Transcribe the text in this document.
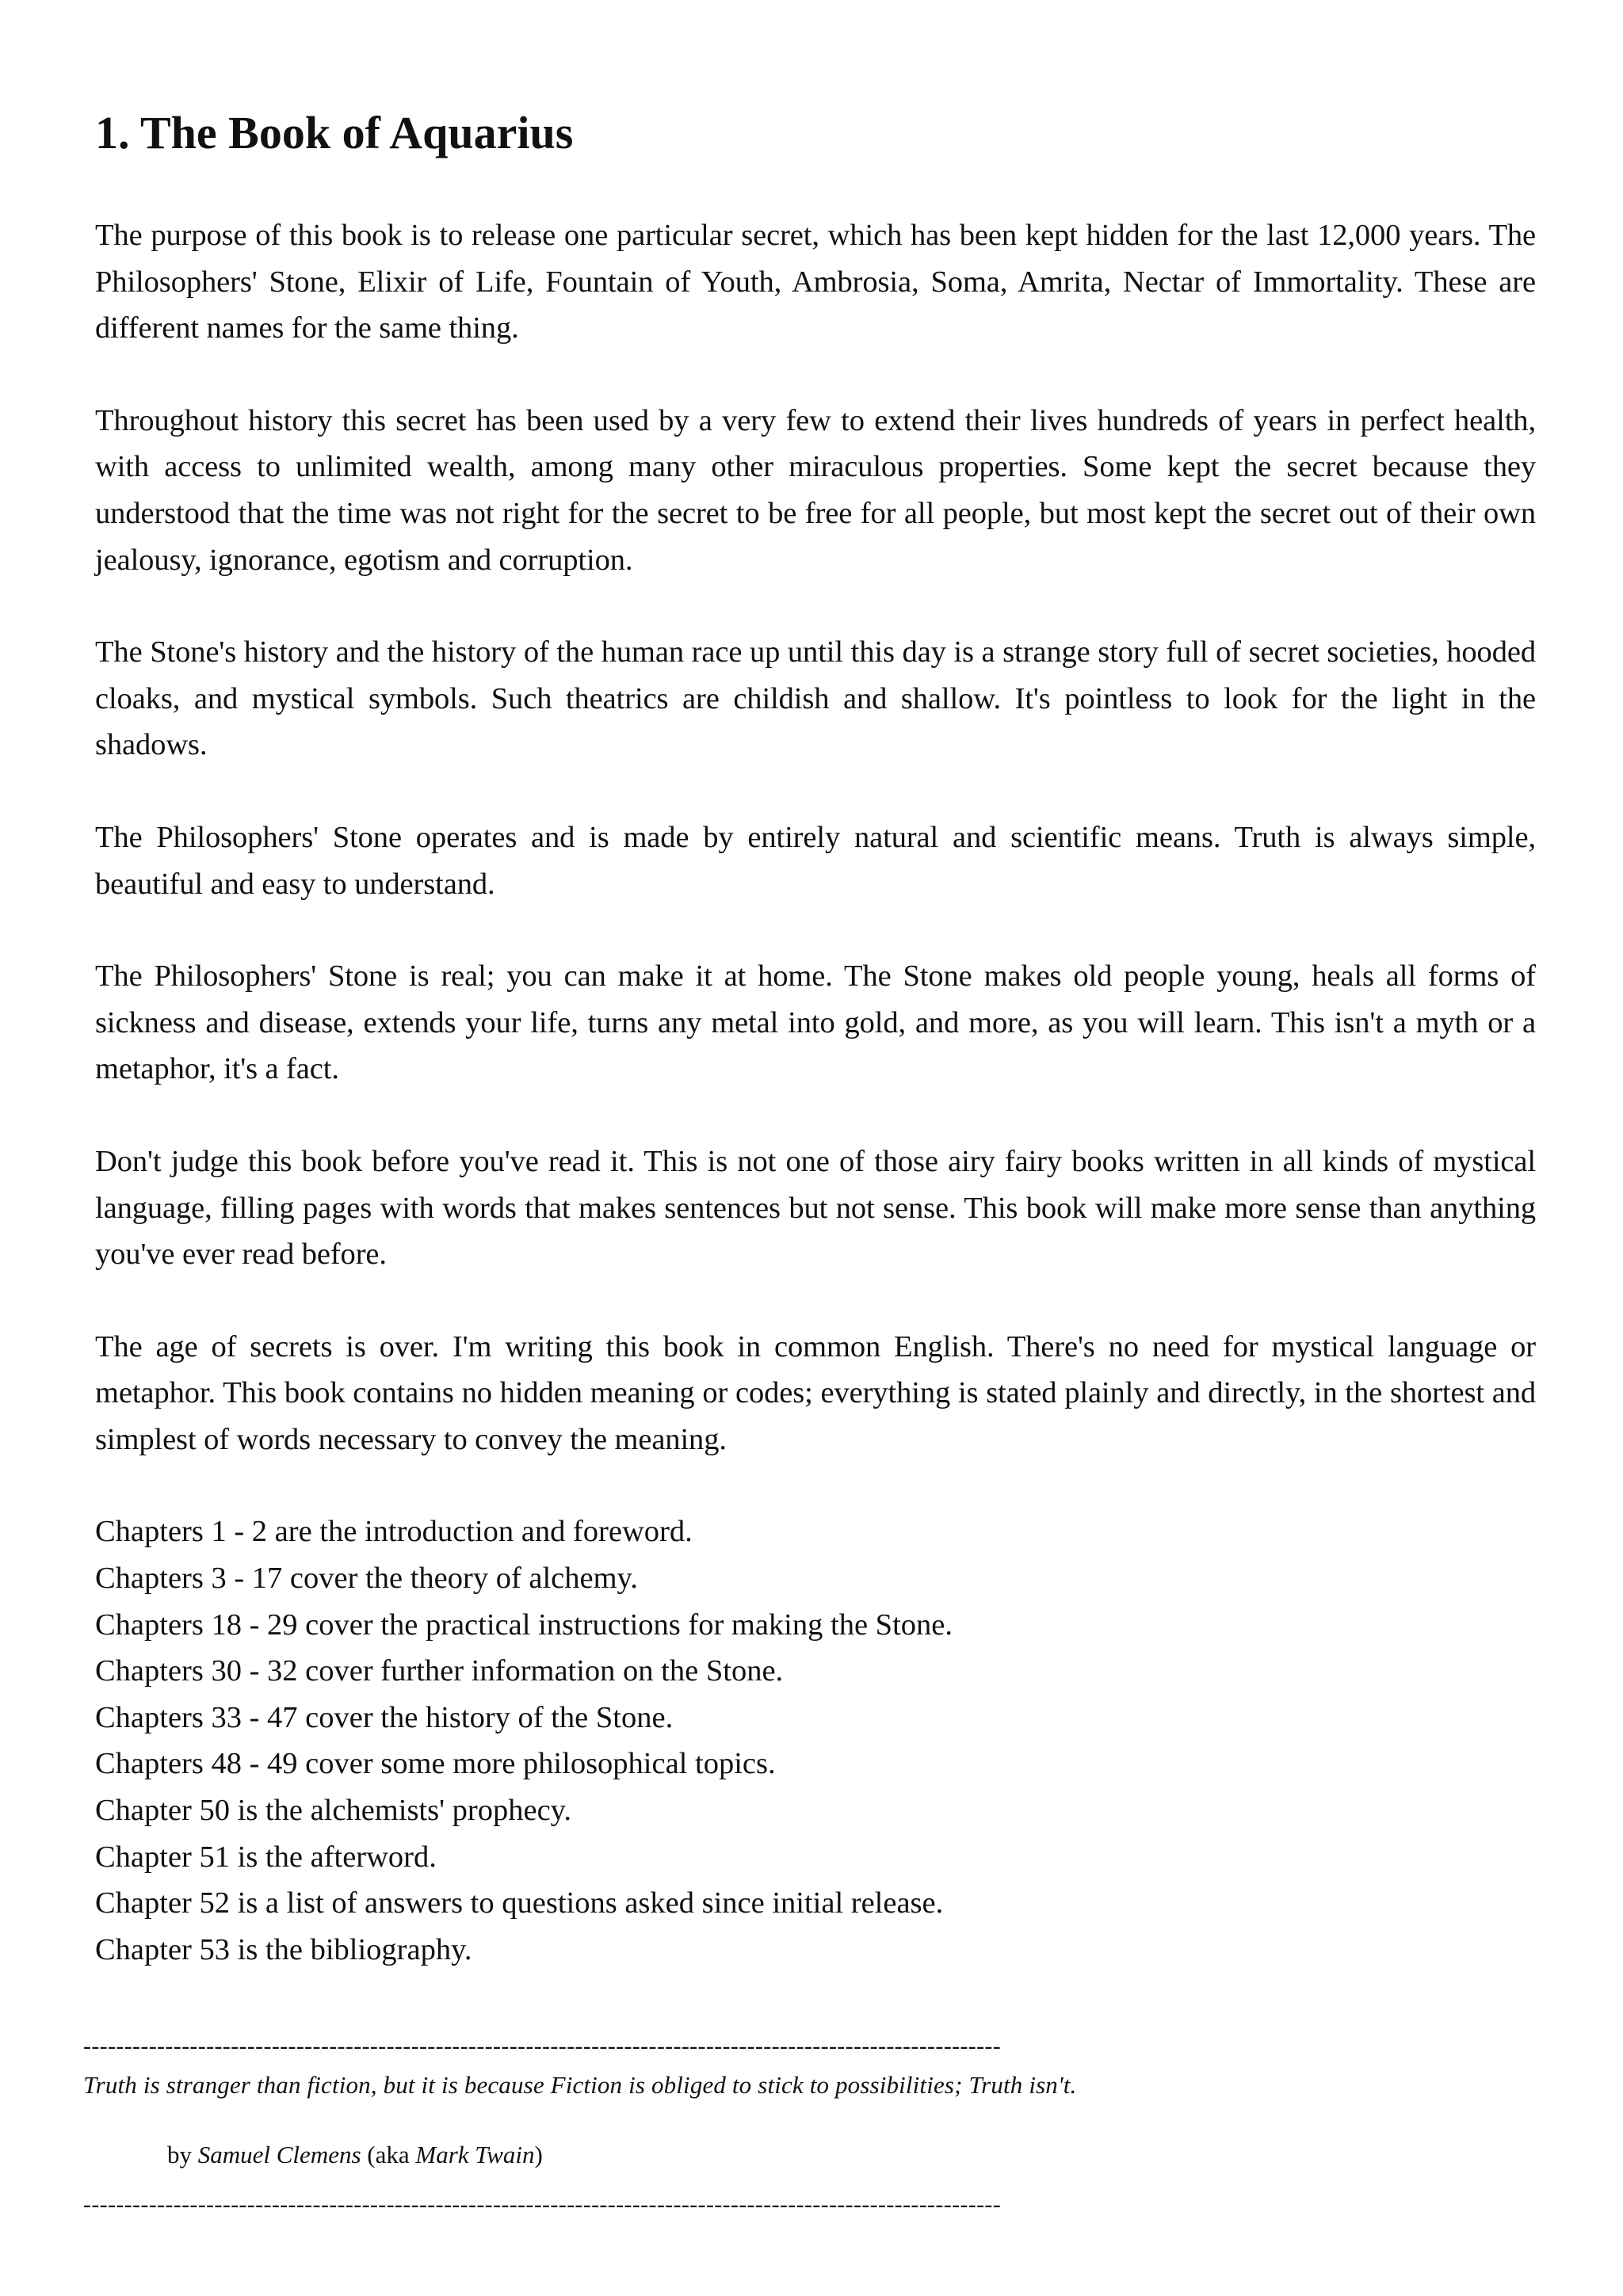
1. The Book of Aquarius

The purpose of this book is to release one particular secret, which has been kept hidden for the last 12,000 years. The Philosophers' Stone, Elixir of Life, Fountain of Youth, Ambrosia, Soma, Amrita, Nectar of Immortality. These are different names for the same thing.

Throughout history this secret has been used by a very few to extend their lives hundreds of years in perfect health, with access to unlimited wealth, among many other miraculous properties. Some kept the secret because they understood that the time was not right for the secret to be free for all people, but most kept the secret out of their own jealousy, ignorance, egotism and corruption.

The Stone's history and the history of the human race up until this day is a strange story full of secret societies, hooded cloaks, and mystical symbols. Such theatrics are childish and shallow. It's pointless to look for the light in the shadows.

The Philosophers' Stone operates and is made by entirely natural and scientific means. Truth is always simple, beautiful and easy to understand.

The Philosophers' Stone is real; you can make it at home. The Stone makes old people young, heals all forms of sickness and disease, extends your life, turns any metal into gold, and more, as you will learn. This isn't a myth or a metaphor, it's a fact.

Don't judge this book before you've read it. This is not one of those airy fairy books written in all kinds of mystical language, filling pages with words that makes sentences but not sense. This book will make more sense than anything you've ever read before.

The age of secrets is over. I'm writing this book in common English. There's no need for mystical language or metaphor. This book contains no hidden meaning or codes; everything is stated plainly and directly, in the shortest and simplest of words necessary to convey the meaning.

Chapters 1 - 2 are the introduction and foreword.
Chapters 3 - 17 cover the theory of alchemy.
Chapters 18 - 29 cover the practical instructions for making the Stone.
Chapters 30 - 32 cover further information on the Stone.
Chapters 33 - 47 cover the history of the Stone.
Chapters 48 - 49 cover some more philosophical topics.
Chapter 50 is the alchemists' prophecy.
Chapter 51 is the afterword.
Chapter 52 is a list of answers to questions asked since initial release.
Chapter 53 is the bibliography.
----------------------------------------------------------------------------------------------------------------
Truth is stranger than fiction, but it is because Fiction is obliged to stick to possibilities; Truth isn't.
by Samuel Clemens (aka Mark Twain)
----------------------------------------------------------------------------------------------------------------
